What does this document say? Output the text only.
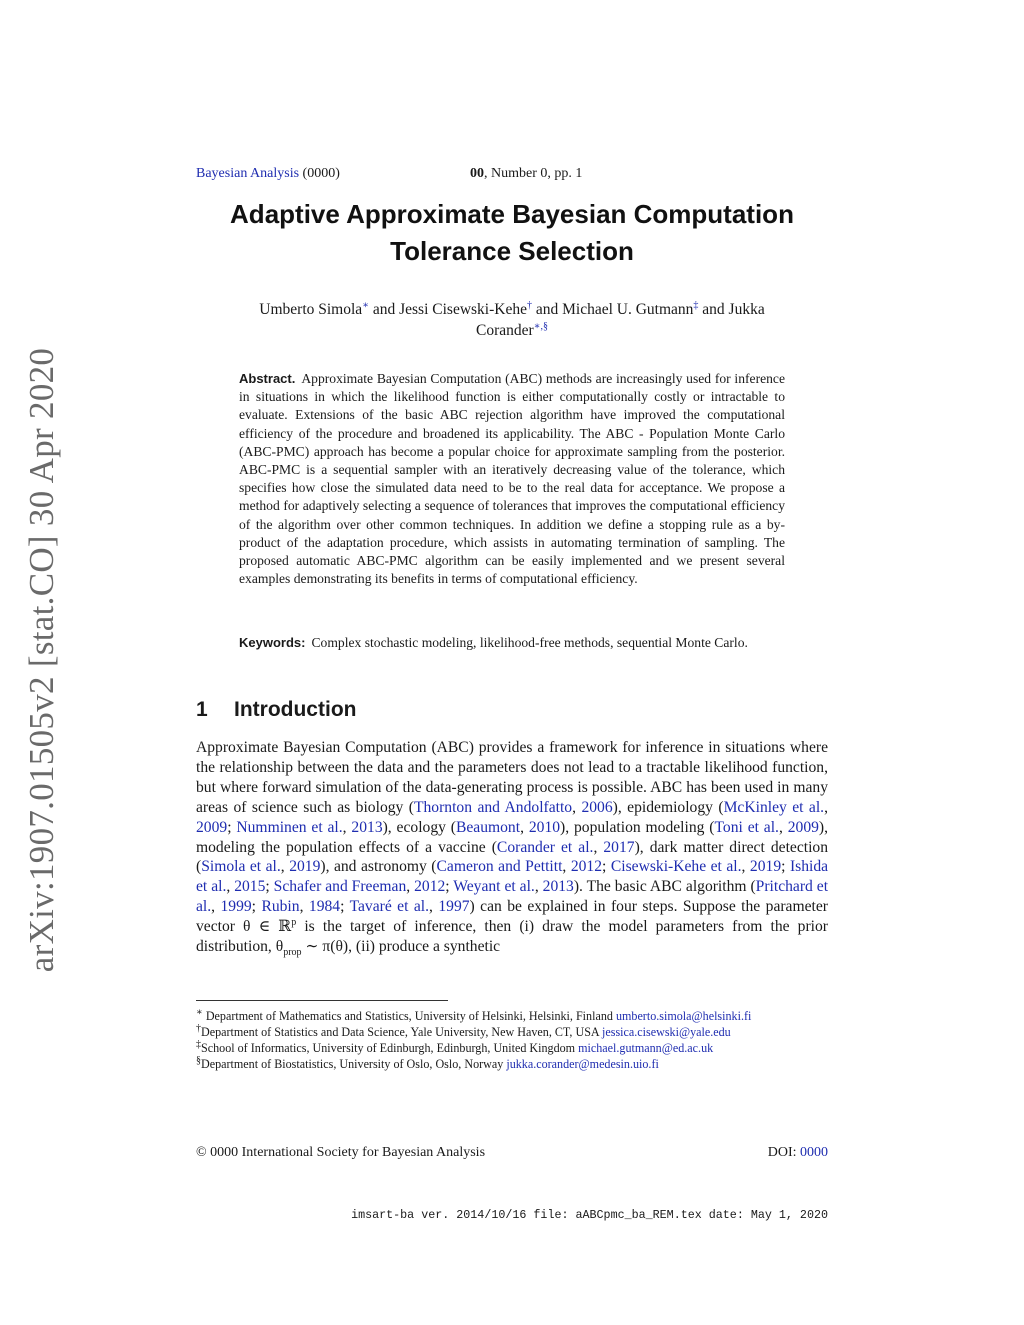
arXiv:1907.01505v2 [stat.CO] 30 Apr 2020
Bayesian Analysis (0000)	00, Number 0, pp. 1
Adaptive Approximate Bayesian Computation
Tolerance Selection
Umberto Simola∗ and Jessi Cisewski-Kehe† and Michael U. Gutmann‡ and Jukka
Corander∗,§
Abstract. Approximate Bayesian Computation (ABC) methods are increasingly used for inference in situations in which the likelihood function is either computationally costly or intractable to evaluate. Extensions of the basic ABC rejection algorithm have improved the computational efficiency of the procedure and broadened its applicability. The ABC - Population Monte Carlo (ABC-PMC) approach has become a popular choice for approximate sampling from the posterior. ABC-PMC is a sequential sampler with an iteratively decreasing value of the tolerance, which specifies how close the simulated data need to be to the real data for acceptance. We propose a method for adaptively selecting a sequence of tolerances that improves the computational efficiency of the algorithm over other common techniques. In addition we define a stopping rule as a by-product of the adaptation procedure, which assists in automating termination of sampling. The proposed automatic ABC-PMC algorithm can be easily implemented and we present several examples demonstrating its benefits in terms of computational efficiency.
Keywords: Complex stochastic modeling, likelihood-free methods, sequential Monte Carlo.
1 Introduction
Approximate Bayesian Computation (ABC) provides a framework for inference in situations where the relationship between the data and the parameters does not lead to a tractable likelihood function, but where forward simulation of the data-generating process is possible. ABC has been used in many areas of science such as biology (Thornton and Andolfatto, 2006), epidemiology (McKinley et al., 2009; Numminen et al., 2013), ecology (Beaumont, 2010), population modeling (Toni et al., 2009), modeling the population effects of a vaccine (Corander et al., 2017), dark matter direct detection (Simola et al., 2019), and astronomy (Cameron and Pettitt, 2012; Cisewski-Kehe et al., 2019; Ishida et al., 2015; Schafer and Freeman, 2012; Weyant et al., 2013). The basic ABC algorithm (Pritchard et al., 1999; Rubin, 1984; Tavaré et al., 1997) can be explained in four steps. Suppose the parameter vector θ ∈ ℝ$^p$ is the target of inference, then (i) draw the model parameters from the prior distribution, $\theta_{prop}$ ∼ π(θ), (ii) produce a synthetic

∗ Department of Mathematics and Statistics, University of Helsinki, Helsinki, Finland umberto.simola@helsinki.fi

†Department of Statistics and Data Science, Yale University, New Haven, CT, USA jessica.cisewski@yale.edu

‡School of Informatics, University of Edinburgh, Edinburgh, United Kingdom michael.gutmann@ed.ac.uk

§Department of Biostatistics, University of Oslo, Oslo, Norway jukka.corander@medesin.uio.fi

© 0000 International Society for Bayesian Analysis	DOI: 0000
imsart-ba ver. 2014/10/16 file: aABCpmc_ba_REM.tex date: May 1, 2020
